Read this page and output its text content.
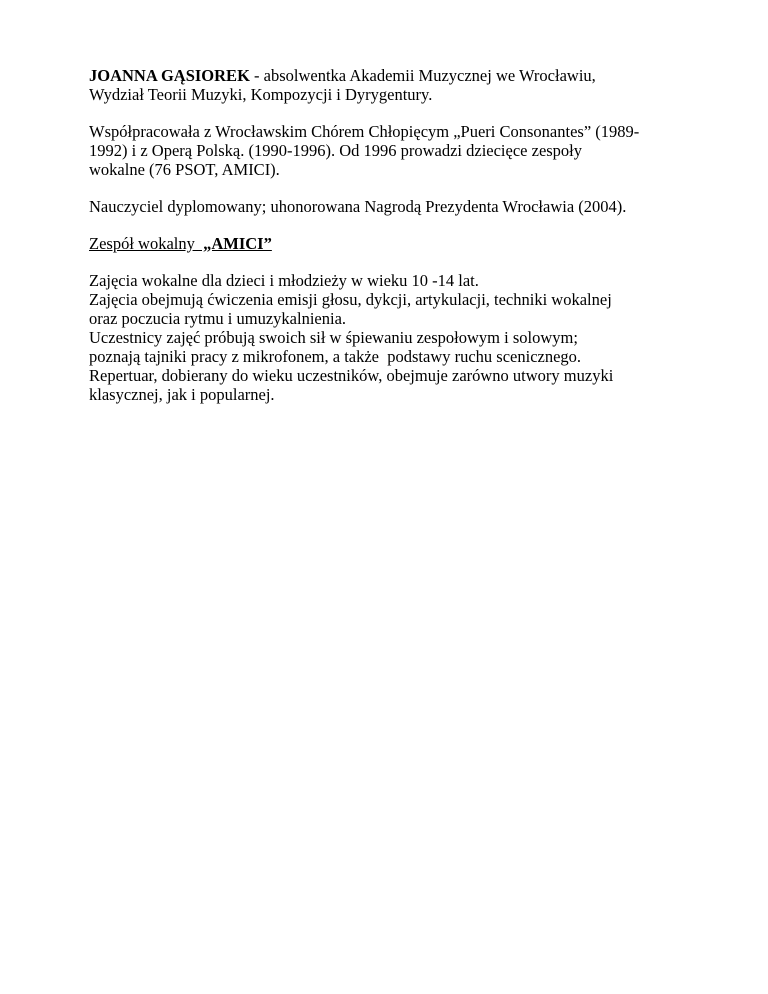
JOANNA GĄSIOREK - absolwentka Akademii Muzycznej we Wrocławiu,
Wydział Teorii Muzyki, Kompozycji i Dyrygentury.

Współpracowała z Wrocławskim Chórem Chłopięcym „Pueri Consonantes” (1989-
1992) i z Operą Polską. (1990-1996). Od 1996 prowadzi dziecięce zespoły
wokalne (76 PSOT, AMICI).

Nauczyciel dyplomowany; uhonorowana Nagrodą Prezydenta Wrocławia (2004).

Zespół wokalny  „AMICI”

Zajęcia wokalne dla dzieci i młodzieży w wieku 10 -14 lat.
Zajęcia obejmują ćwiczenia emisji głosu, dykcji, artykulacji, techniki wokalnej
oraz poczucia rytmu i umuzykalnienia.
Uczestnicy zajęć próbują swoich sił w śpiewaniu zespołowym i solowym;
poznają tajniki pracy z mikrofonem, a także  podstawy ruchu scenicznego.
Repertuar, dobierany do wieku uczestników, obejmuje zarówno utwory muzyki
klasycznej, jak i popularnej.
